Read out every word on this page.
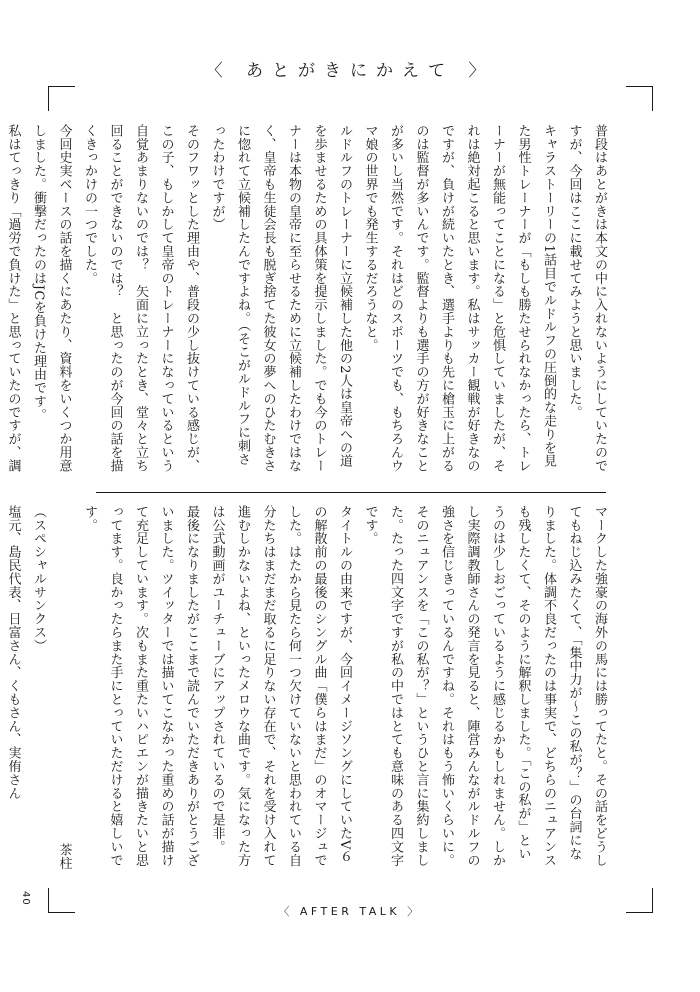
〈 あとがきにかえて 〉

普段はあとがきは本文の中に入れないようにしていたのですが、今回はここに載せてみようと思いました。

キャラストーリーの1話目でルドルフの圧倒的な走りを見た男性トレーナーが「もしも勝たせられなかったら、トレーナーが無能ってことになる」と危惧していましたが、それは絶対起こると思います。私はサッカー観戦が好きなのですが、負けが続いたとき、選手よりも先に槍玉に上がるのは監督が多いんです。監督よりも選手の方が好きなことが多いし当然です。それはどのスポーツでも、もちろんウマ娘の世界でも発生するだろうなと。

ルドルフのトレーナーに立候補した他の2人は皇帝への道を歩ませるための具体策を提示しました。でも今のトレーナーは本物の皇帝に至らせるために立候補したわけではなく、皇帝も生徒会長も脱ぎ捨てた彼女の夢へのひたむきさに惚れて立候補したんですよね。（そこがルドルフに刺さったわけですが）

そのフワッとした理由や、普段の少し抜けている感じが、この子、もしかして皇帝のトレーナーになっているという自覚あまりないのでは？　矢面に立ったとき、堂々と立ち回ることができないのでは？　と思ったのが今回の話を描くきっかけの一つでした。

今回史実ベースの話を描くにあたり、資料をいくつか用意しました。衝撃だったのはJCを負けた理由です。

私はてっきり「過労で負けた」と思っていたのですが、調

マークした強豪の海外の馬には勝ってたと。その話をどうしてもねじ込みたくて、「集中力が～この私が？」の台詞になりました。体調不良だったのは事実で、どちらのニュアンスも残したくて、そのように解釈しました。「この私が」というのは少しおごっているように感じるかもしれません。しかし実際調教師さんの発言を見ると、陣営みんながルドルフの強さを信じきっているんですね。それはもう怖いくらいに。そのニュアンスを「この私が？」というひと言に集約しました。たった四文字ですが私の中ではとても意味のある四文字です。

タイトルの由来ですが、今回イメージソングにしていたV６の解散前の最後のシングル曲「僕らはまだ」のオマージュでした。はたから見たら何一つ欠けていないと思われている自分たちはまだまだ取るに足りない存在で、それを受け入れて進むしかないよね、といったメロウな曲です。気になった方は公式動画がユーチューブにアップされているので是非。

最後になりましたがここまで読んでいただきありがとうございました。ツイッターでは描いてこなかった重めの話が描けて充足しています。次もまた重たいハピエンが描きたいと思ってます。良かったらまた手にとっていただけると嬉しいです。

茶柱

（スペシャルサンクス）

塩元、島民代表、日富さん、くもさん、実侑さん

〈 AFTER TALK 〉
40
